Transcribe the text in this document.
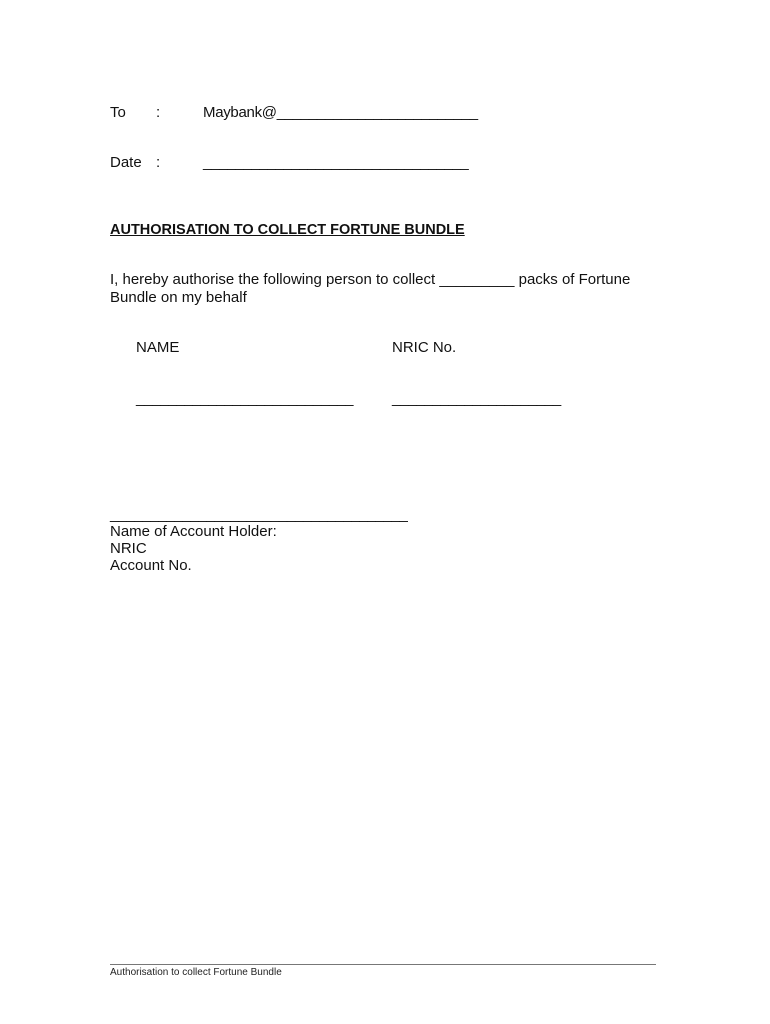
To :	Maybank@_________________________
Date :	_________________________________
AUTHORISATION TO COLLECT FORTUNE BUNDLE
I, hereby authorise the following person to collect _________ packs of Fortune Bundle on my behalf
NAME	NRIC No.
___________________________	_____________________
_____________________________________
Name of Account Holder:
NRIC
Account No.
Authorisation to collect Fortune Bundle
